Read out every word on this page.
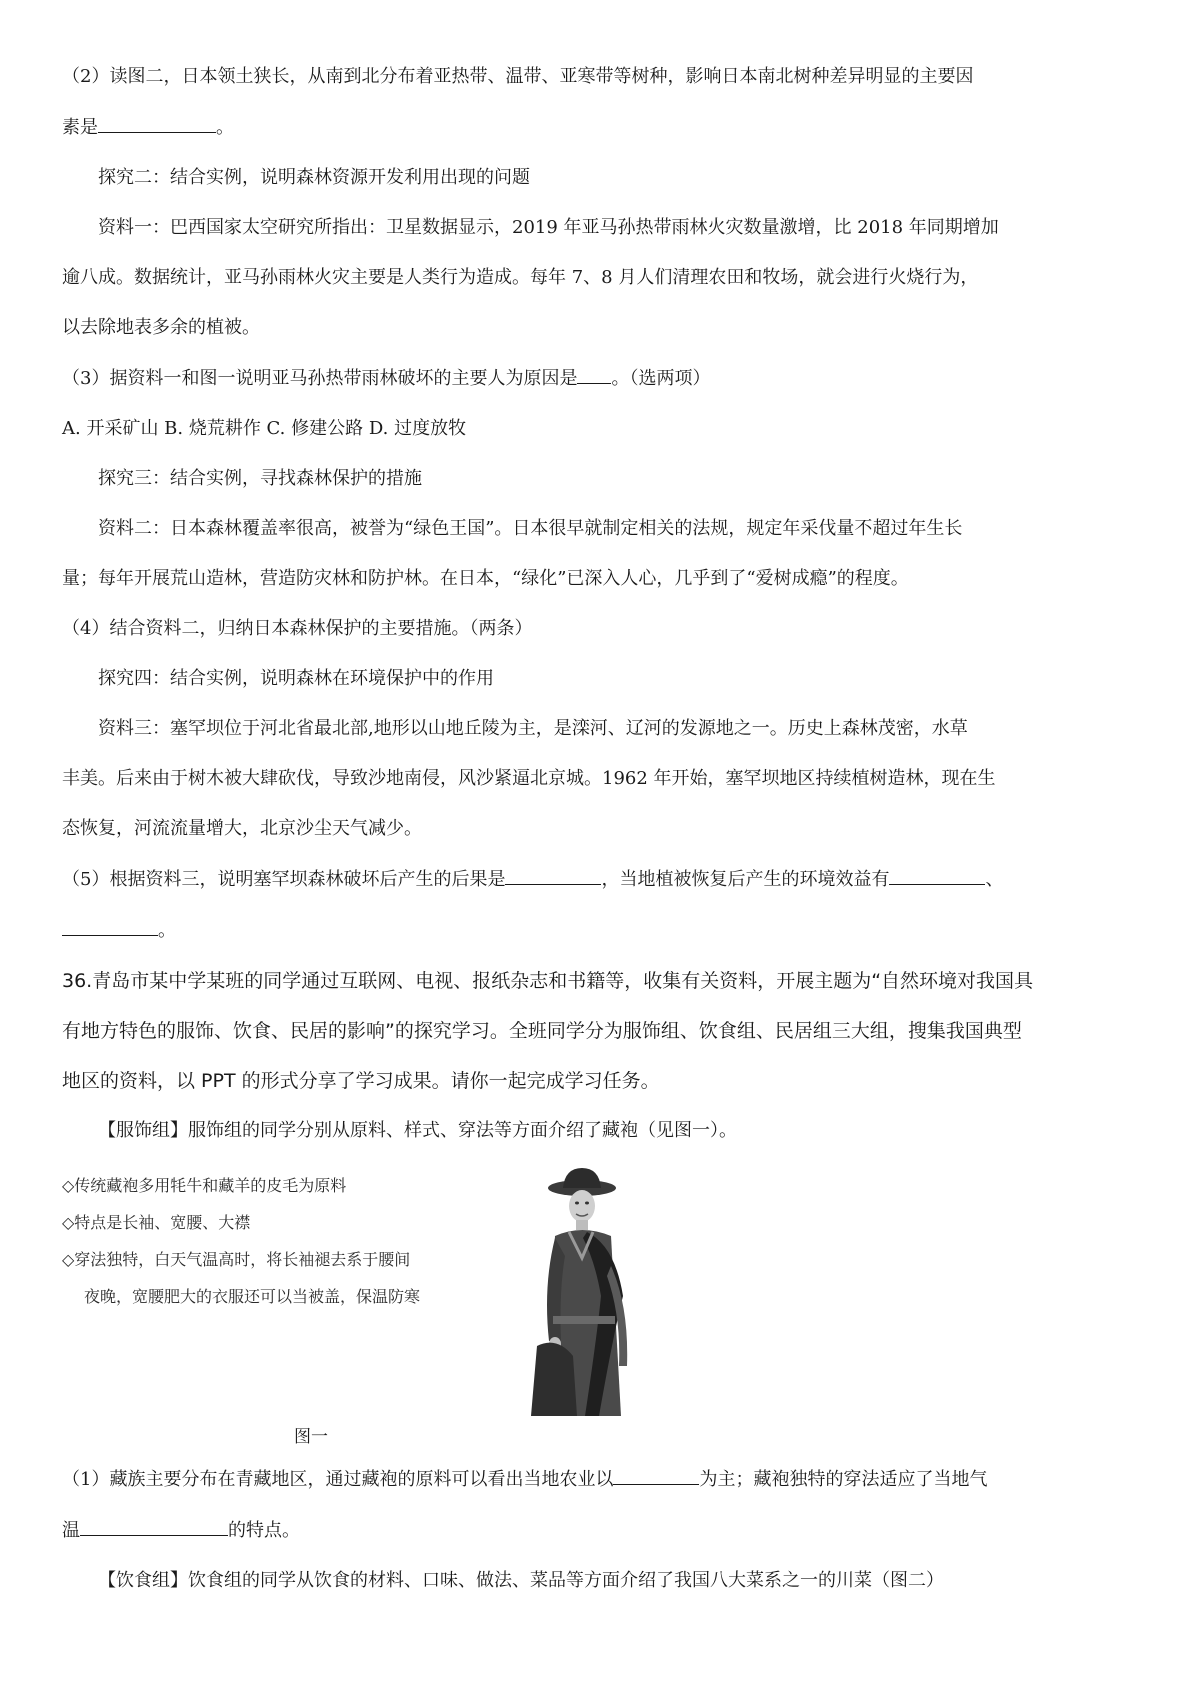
（2）读图二，日本领土狭长，从南到北分布着亚热带、温带、亚寒带等树种，影响日本南北树种差异明显的主要因
素是	。
探究二：结合实例，说明森林资源开发利用出现的问题
资料一：巴西国家太空研究所指出：卫星数据显示，2019 年亚马孙热带雨林火灾数量激增，比 2018 年同期增加
逾八成。数据统计，亚马孙雨林火灾主要是人类行为造成。每年 7、8 月人们清理农田和牧场，就会进行火烧行为，
以去除地表多余的植被。
（3）据资料一和图一说明亚马孙热带雨林破坏的主要人为原因是 。（选两项）
A. 开采矿山 B. 烧荒耕作 C. 修建公路 D. 过度放牧
探究三：结合实例，寻找森林保护的措施
资料二：日本森林覆盖率很高，被誉为“绿色王国”。日本很早就制定相关的法规，规定年采伐量不超过年生长
量；每年开展荒山造林，营造防灾林和防护林。在日本，“绿化”已深入人心，几乎到了“爱树成瘾”的程度。
（4）结合资料二，归纳日本森林保护的主要措施。（两条）
探究四：结合实例，说明森林在环境保护中的作用
资料三：塞罕坝位于河北省最北部,地形以山地丘陵为主，是滦河、辽河的发源地之一。历史上森林茂密，水草
丰美。后来由于树木被大肆砍伐，导致沙地南侵，风沙紧逼北京城。1962 年开始，塞罕坝地区持续植树造林，现在生
态恢复，河流流量增大，北京沙尘天气减少。
（5）根据资料三，说明塞罕坝森林破坏后产生的后果是	，当地植被恢复后产生的环境效益有	、
。
36.青岛市某中学某班的同学通过互联网、电视、报纸杂志和书籍等，收集有关资料，开展主题为“自然环境对我国具
有地方特色的服饰、饮食、民居的影响”的探究学习。全班同学分为服饰组、饮食组、民居组三大组，搜集我国典型
地区的资料，以 PPT 的形式分享了学习成果。请你一起完成学习任务。
【服饰组】服饰组的同学分别从原料、样式、穿法等方面介绍了藏袍（见图一）。
◇传统藏袍多用牦牛和藏羊的皮毛为原料
◇特点是长袖、宽腰、大襟
◇穿法独特，白天气温高时，将长袖褪去系于腰间
夜晚，宽腰肥大的衣服还可以当被盖，保温防寒
图一
（1）藏族主要分布在青藏地区，通过藏袍的原料可以看出当地农业以	为主；藏袍独特的穿法适应了当地气
温	的特点。
【饮食组】饮食组的同学从饮食的材料、口味、做法、菜品等方面介绍了我国八大菜系之一的川菜（图二）
